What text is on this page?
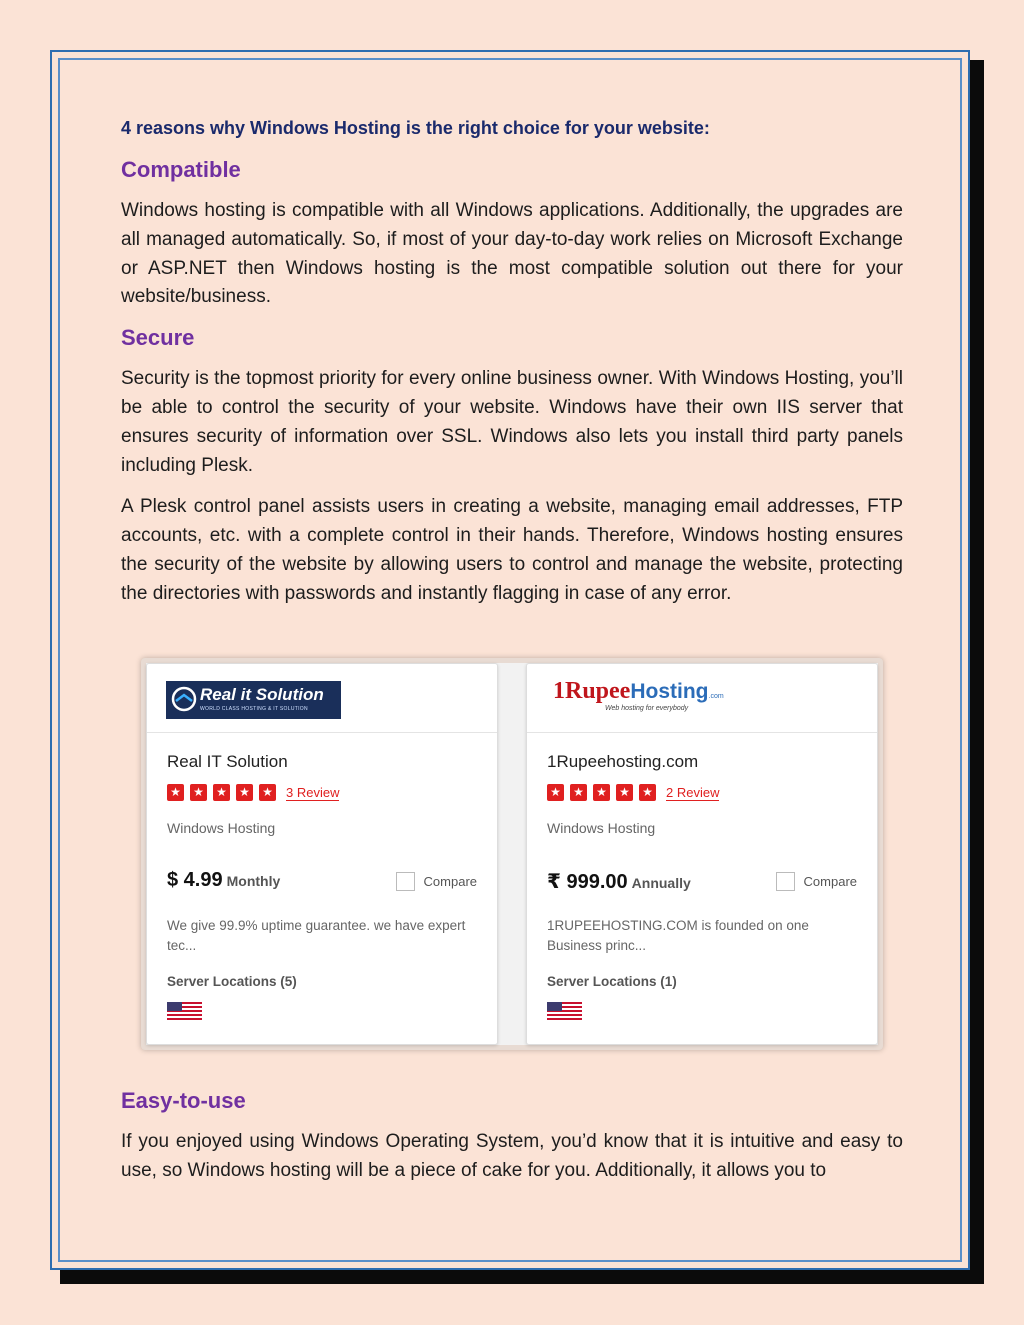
4 reasons why Windows Hosting is the right choice for your website:

Compatible

Windows hosting is compatible with all Windows applications. Additionally, the upgrades are all managed automatically. So, if most of your day-to-day work relies on Microsoft Exchange or ASP.NET then Windows hosting is the most compatible solution out there for your website/business.

Secure

Security is the topmost priority for every online business owner. With Windows Hosting, you’ll be able to control the security of your website. Windows have their own IIS server that ensures security of information over SSL. Windows also lets you install third party panels including Plesk.

A Plesk control panel assists users in creating a website, managing email addresses, FTP accounts, etc. with a complete control in their hands. Therefore, Windows hosting ensures the security of the website by allowing users to control and manage the website, protecting the directories with passwords and instantly flagging in case of any error.

Real it Solution
WORLD CLASS HOSTING & IT SOLUTION
Real IT Solution
★ ★ ★ ★ ★ 3 Review
Windows Hosting
$ 4.99 Monthly	Compare
We give 99.9% uptime guarantee. we have expert tec...
Server Locations (5)
1RupeeHosting.com
Web hosting for everybody
1Rupeehosting.com
★ ★ ★ ★ ★ 2 Review
Windows Hosting
₹ 999.00 Annually	Compare
1RUPEEHOSTING.COM is founded on one Business princ...
Server Locations (1)
Easy-to-use

If you enjoyed using Windows Operating System, you’d know that it is intuitive and easy to use, so Windows hosting will be a piece of cake for you. Additionally, it allows you to
